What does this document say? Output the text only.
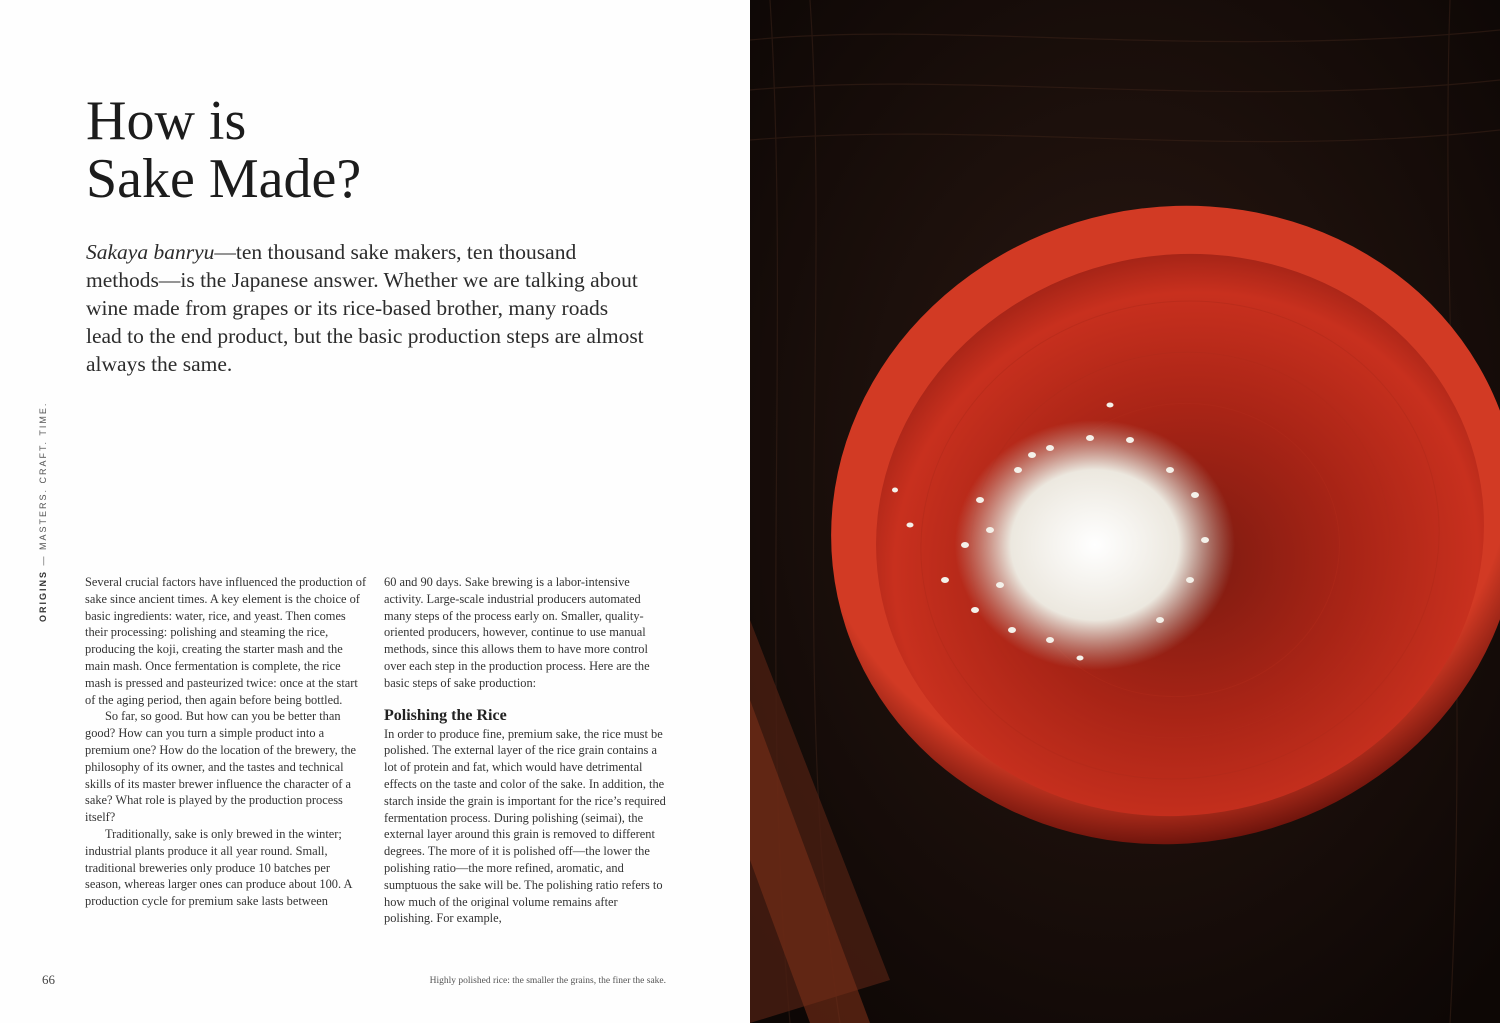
How is
Sake Made?

Sakaya banryu—ten thousand sake makers, ten thousand methods—is the Japanese answer. Whether we are talking about wine made from grapes or its rice-based brother, many roads lead to the end product, but the basic production steps are almost always the same.

ORIGINS — MASTERS. CRAFT. TIME.

Several crucial factors have influenced the production of sake since ancient times. A key element is the choice of basic ingredients: water, rice, and yeast. Then comes their processing: polishing and steaming the rice, producing the koji, creating the starter mash and the main mash. Once fermentation is complete, the rice mash is pressed and pasteurized twice: once at the start of the aging period, then again before being bottled.

So far, so good. But how can you be better than good? How can you turn a simple product into a premium one? How do the location of the brewery, the philosophy of its owner, and the tastes and technical skills of its master brewer influence the character of a sake? What role is played by the production process itself?

Traditionally, sake is only brewed in the winter; industrial plants produce it all year round. Small, traditional breweries only produce 10 batches per season, whereas larger ones can produce about 100. A production cycle for premium sake lasts between

60 and 90 days. Sake brewing is a labor-intensive activity. Large-scale industrial producers automated many steps of the process early on. Smaller, quality-oriented producers, however, continue to use manual methods, since this allows them to have more control over each step in the production process. Here are the basic steps of sake production:

Polishing the Rice

In order to produce fine, premium sake, the rice must be polished. The external layer of the rice grain contains a lot of protein and fat, which would have detrimental effects on the taste and color of the sake. In addition, the starch inside the grain is important for the rice’s required fermentation process. During polishing (seimai), the external layer around this grain is removed to different degrees. The more of it is polished off—the lower the polishing ratio—the more refined, aromatic, and sumptuous the sake will be. The polishing ratio refers to how much of the original volume remains after polishing. For example,

66	Highly polished rice: the smaller the grains, the finer the sake.
